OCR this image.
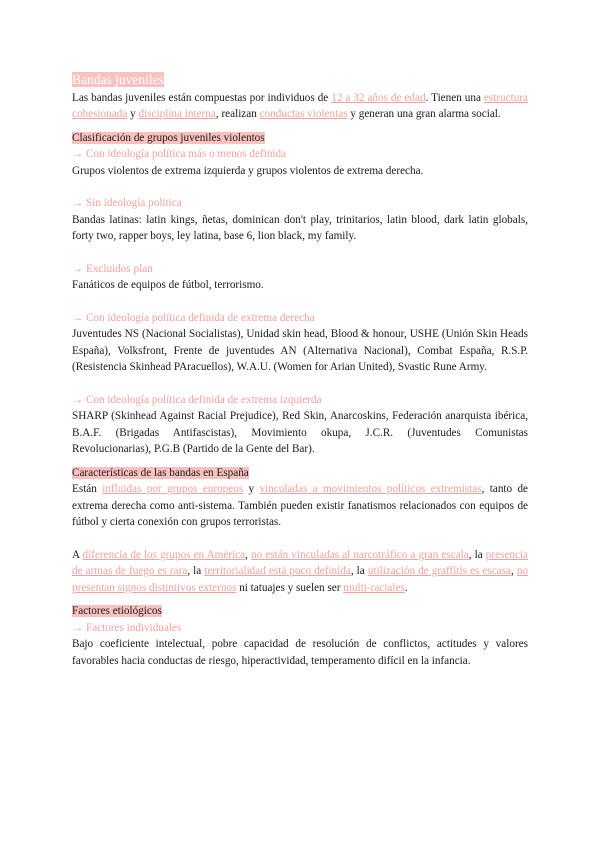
Bandas juveniles

Las bandas juveniles están compuestas por individuos de 12 a 32 años de edad. Tienen una estructura cohesionada y disciplina interna, realizan conductas violentas y generan una gran alarma social.

Clasificación de grupos juveniles violentos
→ Con ideología política más o menos definida

Grupos violentos de extrema izquierda y grupos violentos de extrema derecha.

→ Sin ideología política

Bandas latinas: latin kings, ñetas, dominican don't play, trinitarios, latin blood, dark latin globals, forty two, rapper boys, ley latina, base 6, lion black, my family.

→ Excluidos plan

Fanáticos de equipos de fútbol, terrorismo.

→ Con ideología política definida de extrema derecha

Juventudes NS (Nacional Socialistas), Unidad skin head, Blood & honour, USHE (Unión Skin Heads España), Volksfront, Frente de juventudes AN (Alternativa Nacional), Combat España, R.S.P. (Resistencia Skinhead PAracuellos), W.A.U. (Women for Arian United), Svastic Rune Army.

→ Con ideología política definida de extrema izquierda

SHARP (Skinhead Against Racial Prejudice), Red Skin, Anarcoskins, Federación anarquista ibérica, B.A.F. (Brigadas Antifascistas), Movimiento okupa, J.C.R. (Juventudes Comunistas Revolucionarias), P.G.B (Partido de la Gente del Bar).

Características de las bandas en España

Están influidas por grupos europeos y vinculadas a movimientos políticos extremistas, tanto de extrema derecha como anti-sistema. También pueden existir fanatismos relacionados con equipos de fútbol y cierta conexión con grupos terroristas.

A diferencia de los grupos en América, no están vinculadas al narcotráfico a gran escala, la presencia de armas de fuego es rara, la territorialidad está poco definida, la utilización de graffitis es escasa, no presentan signos distintivos externos ni tatuajes y suelen ser multi-raciales.

Factores etiológicos
→ Factores individuales

Bajo coeficiente intelectual, pobre capacidad de resolución de conflictos, actitudes y valores favorables hacia conductas de riesgo, hiperactividad, temperamento difícil en la infancia.
